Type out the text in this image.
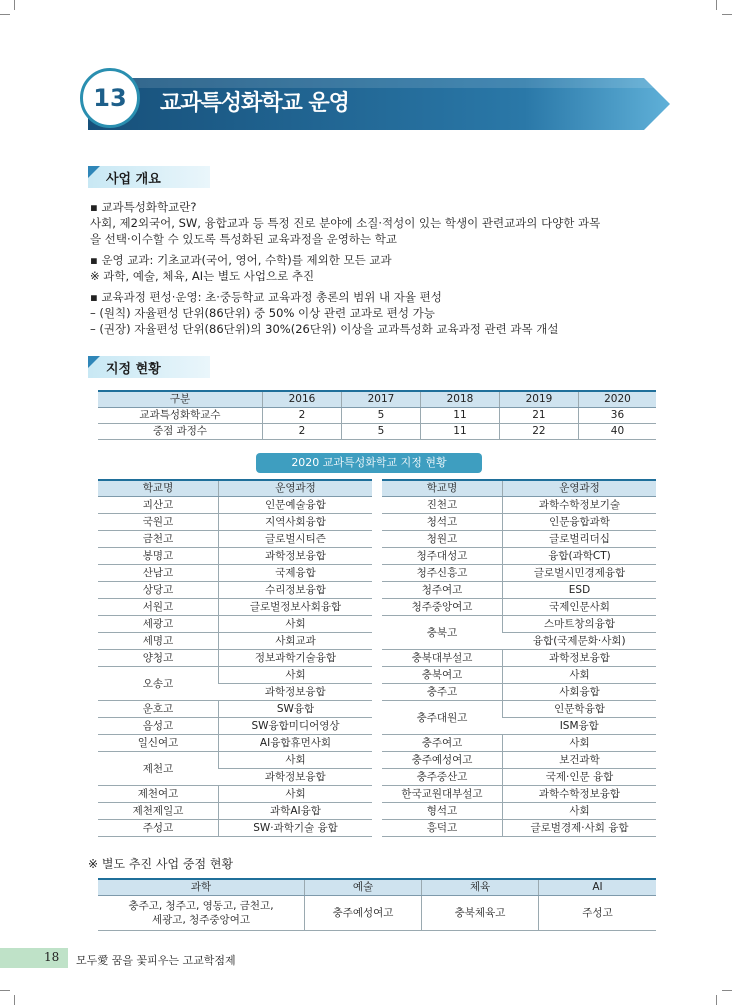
13 교과특성화학교 운영
사업 개요
▪ 교과특성화학교란?
사회, 제2외국어, SW, 융합교과 등 특정 진로 분야에 소질·적성이 있는 학생이 관련교과의 다양한 과목
을 선택·이수할 수 있도록 특성화된 교육과정을 운영하는 학교
▪ 운영 교과: 기초교과(국어, 영어, 수학)를 제외한 모든 교과
※ 과학, 예술, 체육, AI는 별도 사업으로 추진
▪ 교육과정 편성·운영: 초·중등학교 교육과정 총론의 범위 내 자율 편성
– (원칙) 자율편성 단위(86단위) 중 50% 이상 관련 교과로 편성 가능
– (권장) 자율편성 단위(86단위)의 30%(26단위) 이상을 교과특성화 교육과정 관련 과목 개설
지정 현황
구분	2016	2017	2018	2019	2020
교과특성화학교수	2	5	11	21	36
중점 과정수	2	5	11	22	40
2020 교과특성화학교 지정 현황
학교명	운영과정
괴산고	인문예술융합
국원고	지역사회융합
금천고	글로벌시티즌
봉명고	과학정보융합
산남고	국제융합
상당고	수리정보융합
서원고	글로벌정보사회융합
세광고	사회
세명고	사회교과
양청고	정보과학기술융합
오송고	사회
	과학정보융합
운호고	SW융합
음성고	SW융합미디어영상
일신여고	AI융합휴먼사회
제천고	사회
	과학정보융합
제천여고	사회
제천제일고	과학AI융합
주성고	SW·과학기술 융합
학교명	운영과정
진천고	과학수학정보기술
청석고	인문융합과학
청원고	글로벌리더십
청주대성고	융합(과학CT)
청주신흥고	글로벌시민경제융합
청주여고	ESD
청주중앙여고	국제인문사회
충북고	스마트창의융합
	융합(국제문화·사회)
충북대부설고	과학정보융합
충북여고	사회
충주고	사회융합
충주대원고	인문학융합
	ISM융합
충주여고	사회
충주예성여고	보건과학
충주중산고	국제·인문 융합
한국교원대부설고	과학수학정보융합
형석고	사회
흥덕고	글로벌경제·사회 융합
※ 별도 추진 사업 중점 현황
과학	예술	체육	AI

충주고, 청주고, 영동고, 금천고,
세광고, 청주중앙여고	충주예성여고	충북체육고	주성고
18 모두愛 꿈을 꽃피우는 고교학점제
